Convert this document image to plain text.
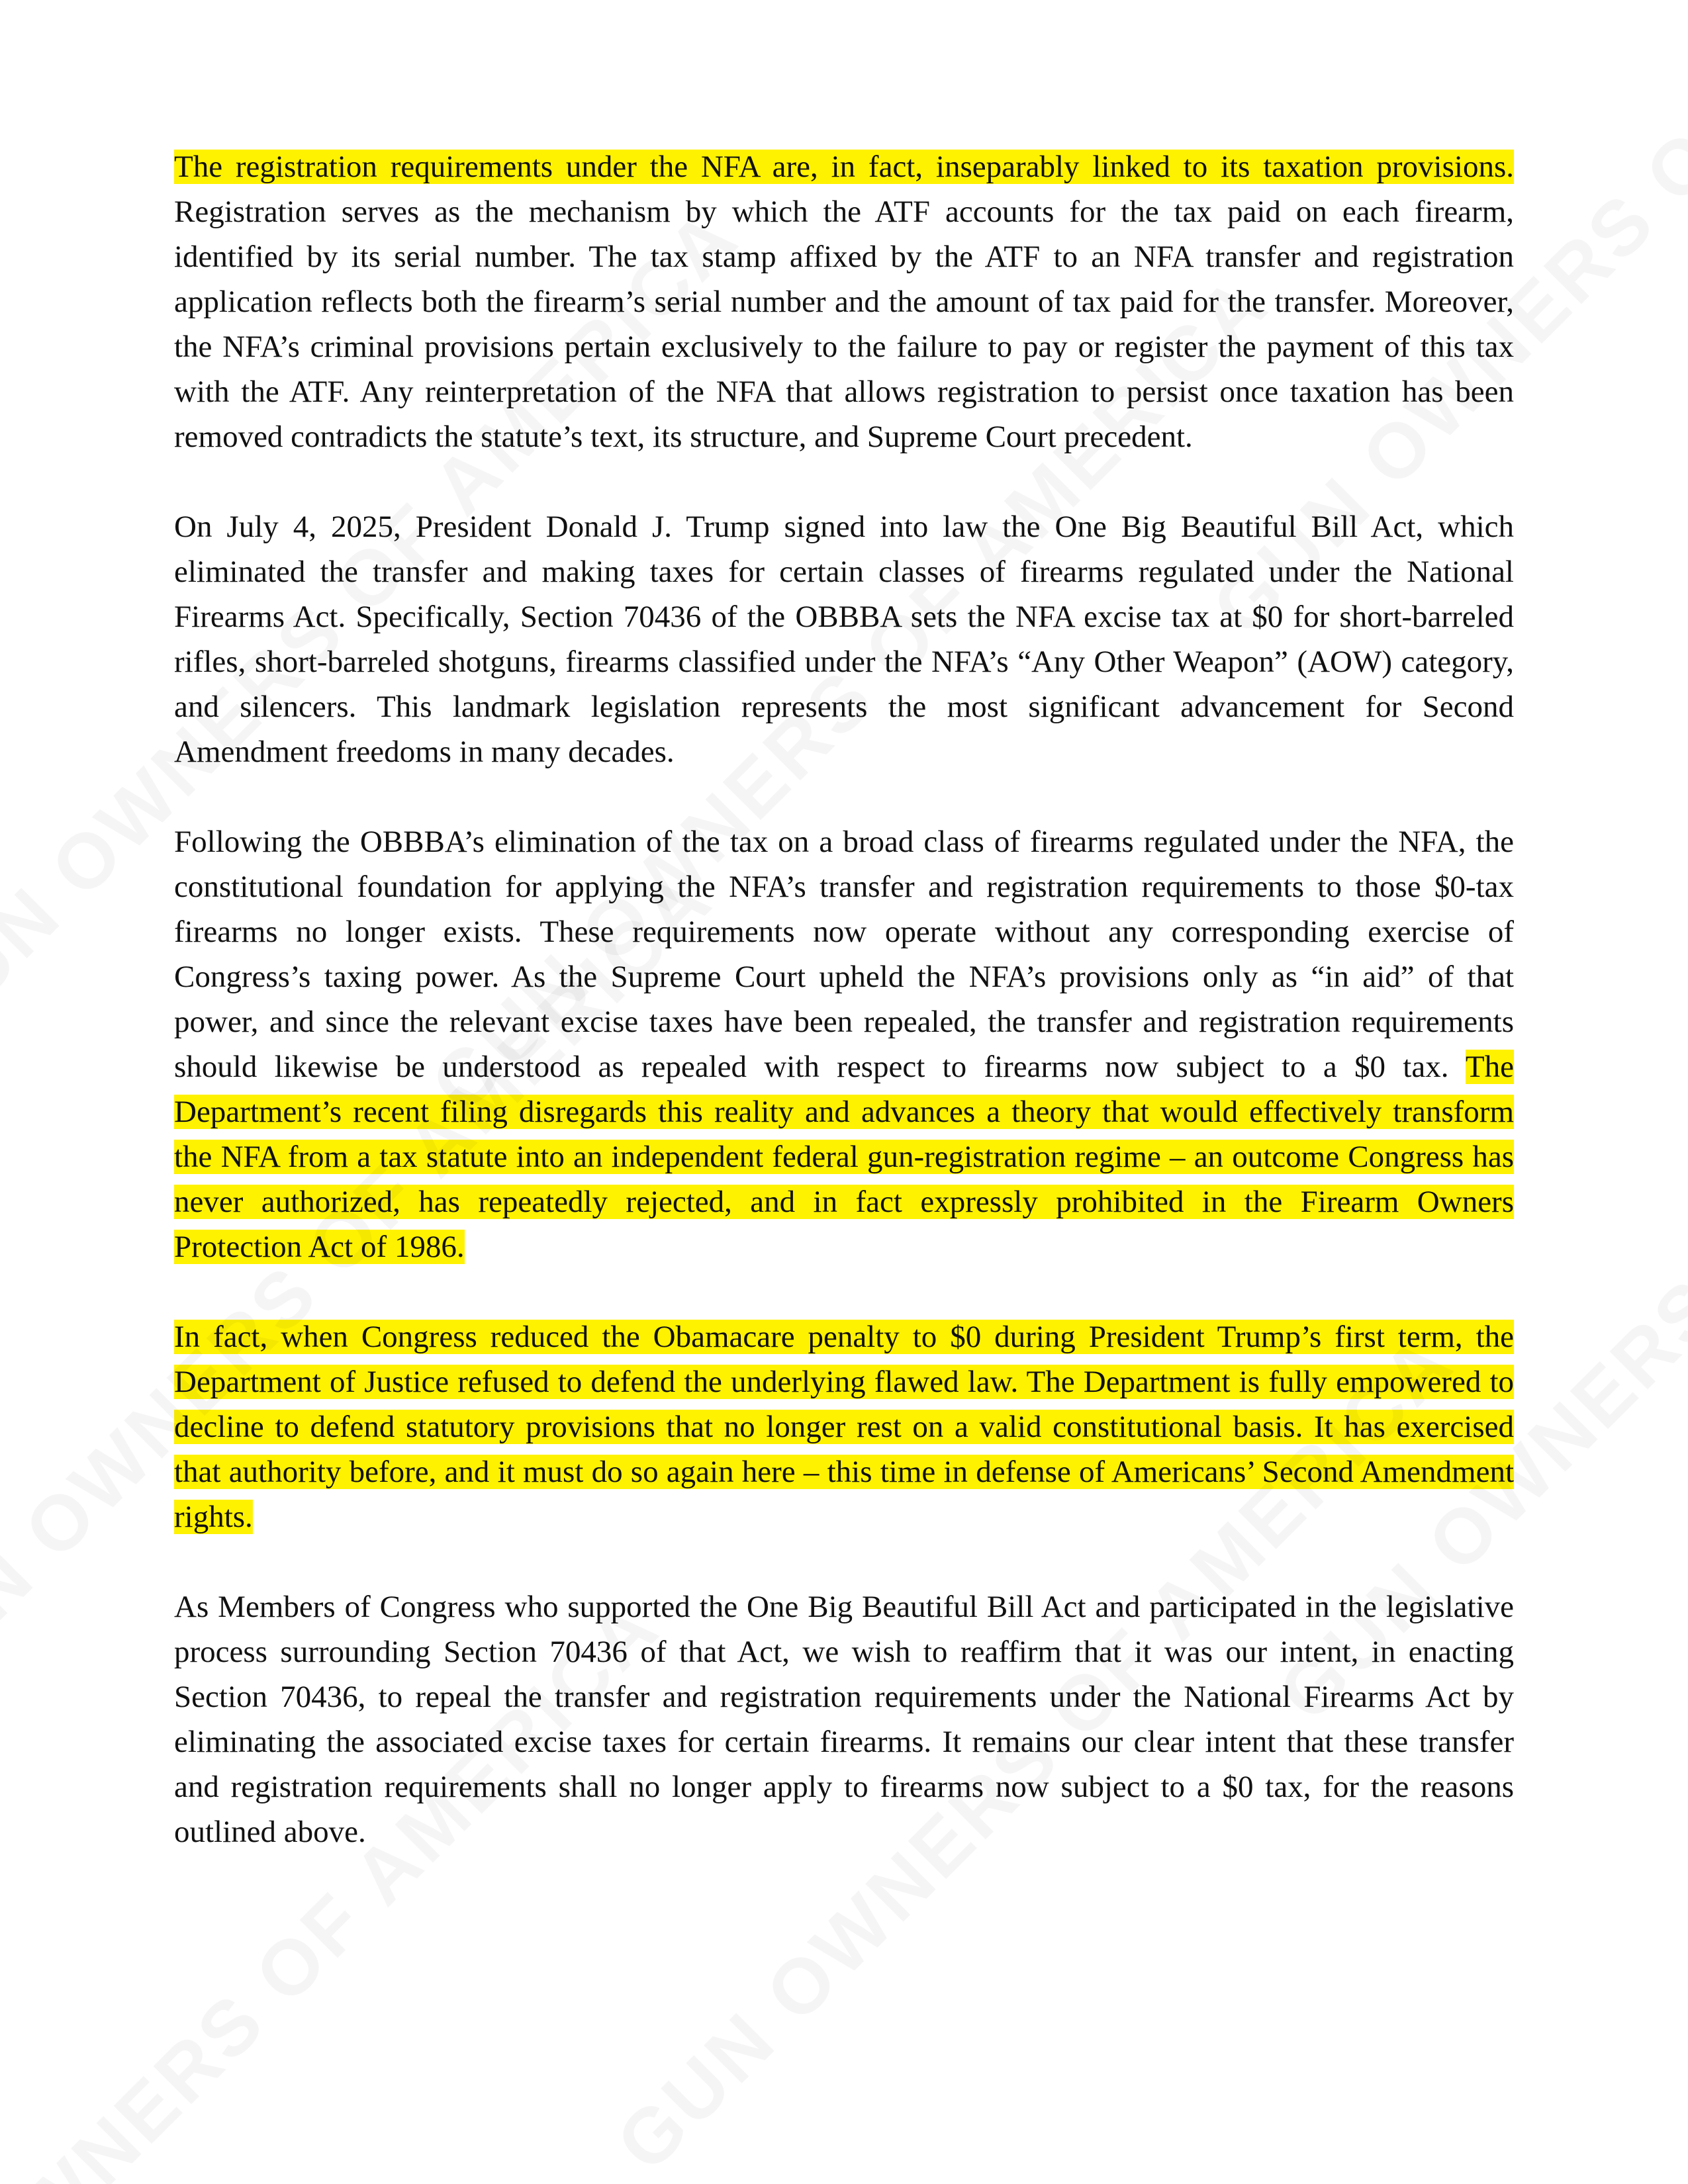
The registration requirements under the NFA are, in fact, inseparably linked to its taxation provisions. Registration serves as the mechanism by which the ATF accounts for the tax paid on each firearm, identified by its serial number. The tax stamp affixed by the ATF to an NFA transfer and registration application reflects both the firearm’s serial number and the amount of tax paid for the transfer. Moreover, the NFA’s criminal provisions pertain exclusively to the failure to pay or register the payment of this tax with the ATF. Any reinterpretation of the NFA that allows registration to persist once taxation has been removed contradicts the statute’s text, its structure, and Supreme Court precedent.

On July 4, 2025, President Donald J. Trump signed into law the One Big Beautiful Bill Act, which eliminated the transfer and making taxes for certain classes of firearms regulated under the National Firearms Act. Specifically, Section 70436 of the OBBBA sets the NFA excise tax at $0 for short-barreled rifles, short-barreled shotguns, firearms classified under the NFA’s “Any Other Weapon” (AOW) category, and silencers. This landmark legislation represents the most significant advancement for Second Amendment freedoms in many decades.

Following the OBBBA’s elimination of the tax on a broad class of firearms regulated under the NFA, the constitutional foundation for applying the NFA’s transfer and registration requirements to those $0-tax firearms no longer exists. These requirements now operate without any corresponding exercise of Congress’s taxing power. As the Supreme Court upheld the NFA’s provisions only as “in aid” of that power, and since the relevant excise taxes have been repealed, the transfer and registration requirements should likewise be understood as repealed with respect to firearms now subject to a $0 tax. The Department’s recent filing disregards this reality and advances a theory that would effectively transform the NFA from a tax statute into an independent federal gun-registration regime – an outcome Congress has never authorized, has repeatedly rejected, and in fact expressly prohibited in the Firearm Owners Protection Act of 1986.

In fact, when Congress reduced the Obamacare penalty to $0 during President Trump’s first term, the Department of Justice refused to defend the underlying flawed law. The Department is fully empowered to decline to defend statutory provisions that no longer rest on a valid constitutional basis. It has exercised that authority before, and it must do so again here – this time in defense of Americans’ Second Amendment rights.

As Members of Congress who supported the One Big Beautiful Bill Act and participated in the legislative process surrounding Section 70436 of that Act, we wish to reaffirm that it was our intent, in enacting Section 70436, to repeal the transfer and registration requirements under the National Firearms Act by eliminating the associated excise taxes for certain firearms. It remains our clear intent that these transfer and registration requirements shall no longer apply to firearms now subject to a $0 tax, for the reasons outlined above.
